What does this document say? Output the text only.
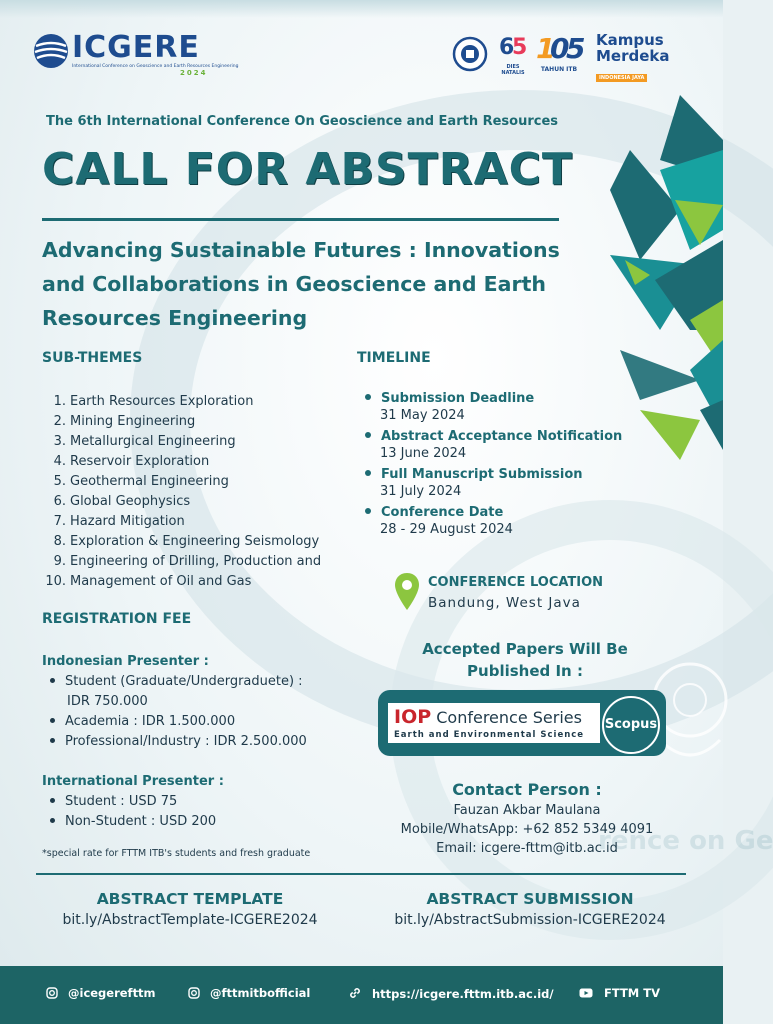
ICGERE
International Conference on Geoscience and Earth Resources Engineering
2024
6
5
DIES NATALIS
1
0
5
TAHUN ITB
Kampus Merdeka
INDONESIA JAYA
The 6th International Conference On Geoscience and Earth Resources
CALL FOR ABSTRACT
Advancing Sustainable Futures : Innovations
and Collaborations in Geoscience and Earth
Resources Engineering
SUB-THEMES
1. Earth Resources Exploration
2. Mining Engineering
3. Metallurgical Engineering
4. Reservoir Exploration
5. Geothermal Engineering
6. Global Geophysics
7. Hazard Mitigation
8. Exploration & Engineering Seismology
9. Engineering of Drilling, Production and
10. Management of Oil and Gas
TIMELINE
Submission Deadline
31 May 2024
Abstract Acceptance Notification
13 June 2024
Full Manuscript Submission
31 July 2024
Conference Date
28 - 29 August 2024
CONFERENCE LOCATION
Bandung, West Java
Accepted Papers Will Be
Published In :
IOP Conference Series
Earth and Environmental Science
Scopus
REGISTRATION FEE
Indonesian Presenter :
Student (Graduate/Undergraduete) :
IDR 750.000
Academia : IDR 1.500.000
Professional/Industry : IDR 2.500.000
International Presenter :
Student : USD 75
Non-Student : USD 200
*special rate for FTTM ITB's students and fresh graduate	rence on Ge
Contact Person :
Fauzan Akbar Maulana
Mobile/WhatsApp: +62 852 5349 4091
Email: icgere-fttm@itb.ac.id
ABSTRACT TEMPLATE
bit.ly/AbstractTemplate-ICGERE2024
ABSTRACT SUBMISSION
bit.ly/AbstractSubmission-ICGERE2024
@icegerefttm	@fttmitbofficial	https://icgere.fttm.itb.ac.id/	FTTM TV
